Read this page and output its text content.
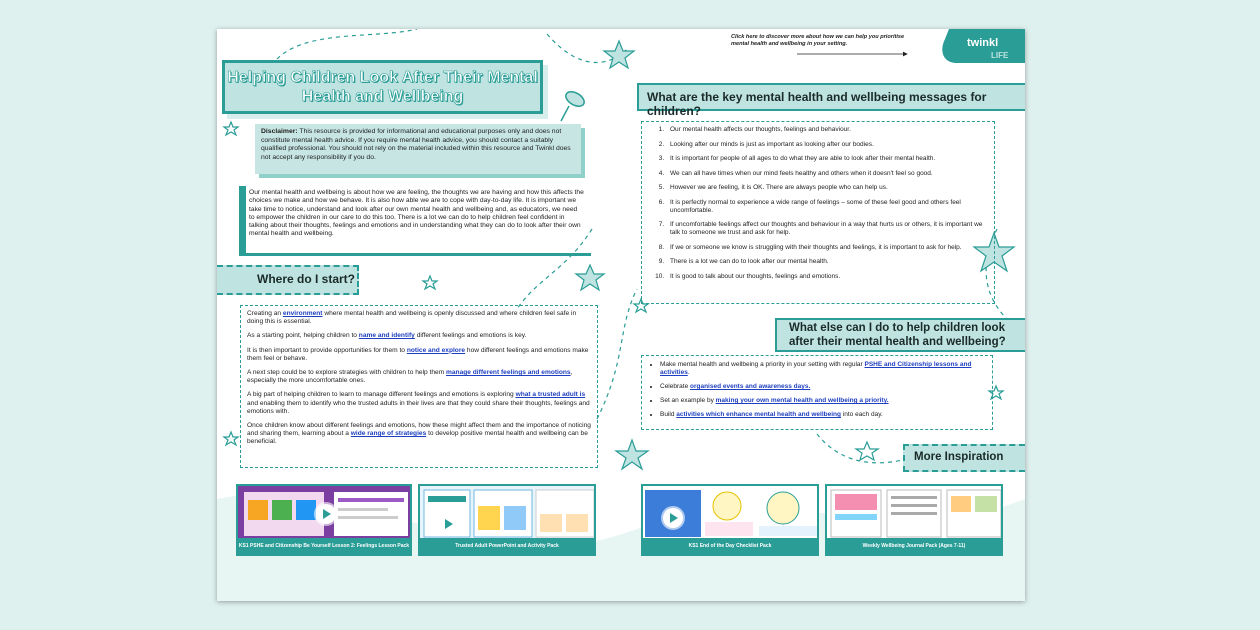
Click here to discover more about how we can help you prioritise mental health and wellbeing in your setting.	twinkl
LIFE
Helping Children Look After Their Mental Health and Wellbeing
Disclaimer: This resource is provided for informational and educational purposes only and does not constitute mental health advice. If you require mental health advice, you should contact a suitably qualified professional. You should not rely on the material included within this resource and Twinkl does not accept any responsibility if you do.
Our mental health and wellbeing is about how we are feeling, the thoughts we are having and how this affects the choices we make and how we behave. It is also how able we are to cope with day-to-day life. It is important we take time to notice, understand and look after our own mental health and wellbeing and, as educators, we need to empower the children in our care to do this too. There is a lot we can do to help children feel confident in talking about their thoughts, feelings and emotions and in understanding what they can do to look after their own mental health and wellbeing.
Where do I start?

Creating an environment where mental health and wellbeing is openly discussed and where children feel safe in doing this is essential.

As a starting point, helping children to name and identify different feelings and emotions is key.

It is then important to provide opportunities for them to notice and explore how different feelings and emotions make them feel or behave.

A next step could be to explore strategies with children to help them manage different feelings and emotions, especially the more uncomfortable ones.

A big part of helping children to learn to manage different feelings and emotions is exploring what a trusted adult is and enabling them to identify who the trusted adults in their lives are that they could share their thoughts, feelings and emotions with.

Once children know about different feelings and emotions, how these might affect them and the importance of noticing and sharing them, learning about a wide range of strategies to develop positive mental health and wellbeing can be beneficial.

What are the key mental health and wellbeing messages for children?
1. Our mental health affects our thoughts, feelings and behaviour.
2. Looking after our minds is just as important as looking after our bodies.
3. It is important for people of all ages to do what they are able to look after their mental health.
4. We can all have times when our mind feels healthy and others when it doesn't feel so good.
5. However we are feeling, it is OK. There are always people who can help us.
6. It is perfectly normal to experience a wide range of feelings – some of these feel good and others feel uncomfortable.
7. If uncomfortable feelings affect our thoughts and behaviour in a way that hurts us or others, it is important we talk to someone we trust and ask for help.
8. If we or someone we know is struggling with their thoughts and feelings, it is important to ask for help.
9. There is a lot we can do to look after our mental health.
10. It is good to talk about our thoughts, feelings and emotions.
What else can I do to help children look after their mental health and wellbeing?
• Make mental health and wellbeing a priority in your setting with regular PSHE and Citizenship lessons and activities.
• Celebrate organised events and awareness days.
• Set an example by making your own mental health and wellbeing a priority.
• Build activities which enhance mental health and wellbeing into each day.
More Inspiration
KS1 PSHE and Citizenship Be Yourself Lesson 2: Feelings Lesson Pack	Trusted Adult PowerPoint and Activity Pack	KS1 End of the Day Checklist Pack	Weekly Wellbeing Journal Pack (Ages 7-11)
